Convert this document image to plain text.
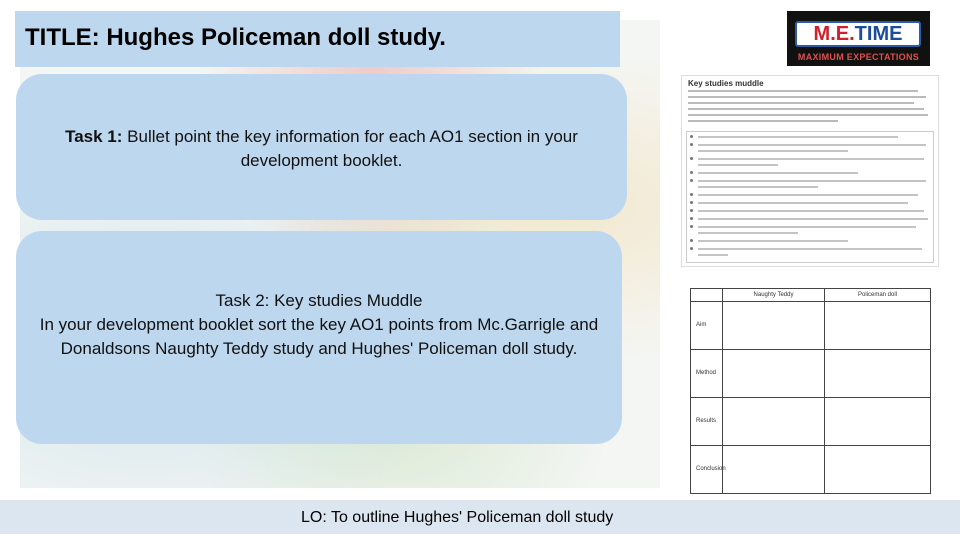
TITLE: Hughes Policeman doll study.	M.E.TIME
MAXIMUM EXPECTATIONS
Task 1: Bullet point the key information for each AO1 section in your development booklet.
Task 2: Key studies Muddle
In your development booklet sort the key AO1 points from Mc.Garrigle and Donaldsons Naughty Teddy study and Hughes' Policeman doll study.
Key studies muddle
	Naughty Teddy	Policeman doll
Aim		
Method		
Results		
Conclusion		
LO: To outline Hughes' Policeman doll study
